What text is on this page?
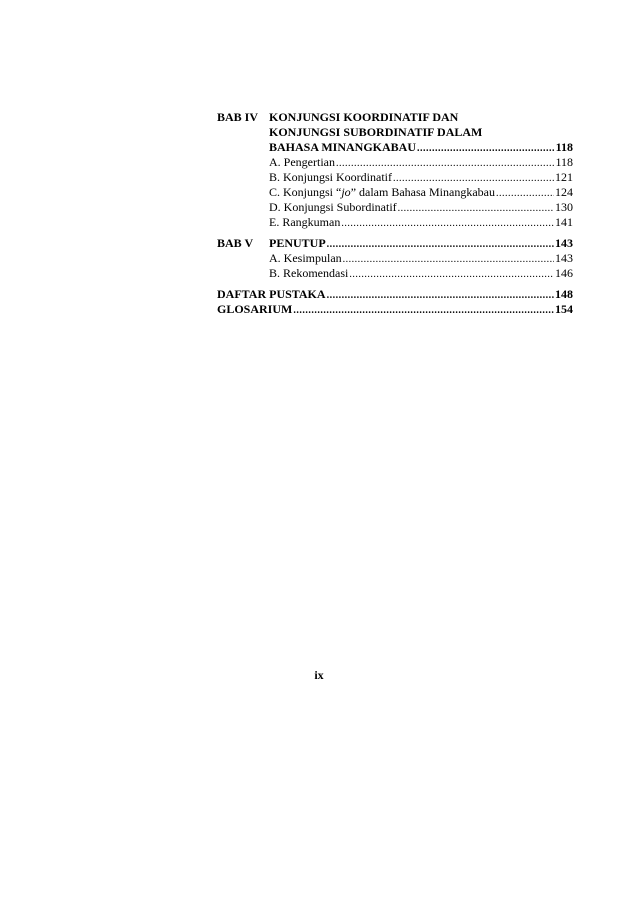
BAB IV KONJUNGSI KOORDINATIF DAN
KONJUNGSI SUBORDINATIF DALAM
BAHASA MINANGKABAU .....	118
A. Pengertian .....	118
B. Konjungsi Koordinatif .....	121
C. Konjungsi “jo” dalam Bahasa Minangkabau .....	124
D. Konjungsi Subordinatif .....	130
E. Rangkuman .....	141
BAB V	PENUTUP .....	143
A. Kesimpulan .....	143
B. Rekomendasi .....	146
DAFTAR PUSTAKA .....	148
GLOSARIUM .....	154
ix
